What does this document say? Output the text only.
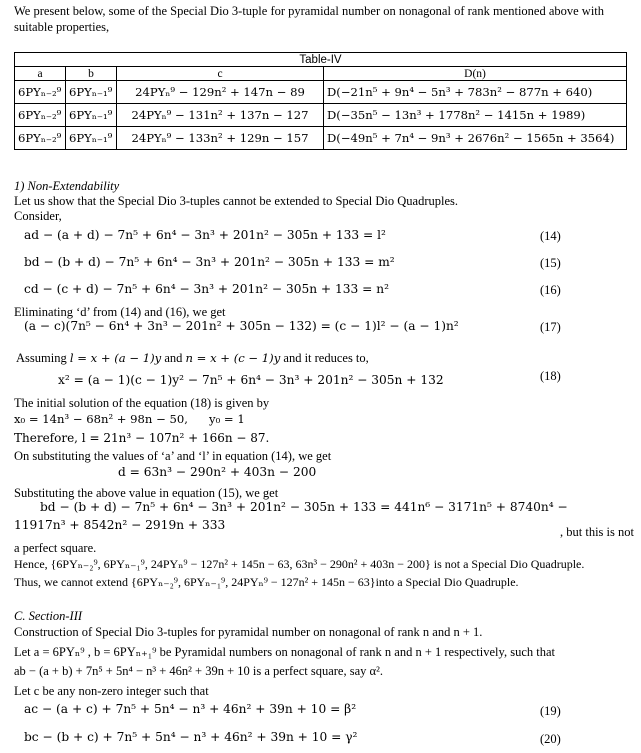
We present below, some of the Special Dio 3-tuple for pyramidal number on nonagonal of rank mentioned above with suitable properties,
Table-IV			
a	b	c	D(n)
6PYₙ₋₂⁹	6PYₙ₋₁⁹	24PYₙ⁹ − 129n² + 147n − 89	D(−21n⁵ + 9n⁴ − 5n³ + 783n² − 877n + 640)
6PYₙ₋₂⁹	6PYₙ₋₁⁹	24PYₙ⁹ − 131n² + 137n − 127	D(−35n⁵ − 13n³ + 1778n² − 1415n + 1989)
6PYₙ₋₂⁹	6PYₙ₋₁⁹	24PYₙ⁹ − 133n² + 129n − 157	D(−49n⁵ + 7n⁴ − 9n³ + 2676n² − 1565n + 3564)
1) Non-Extendability
Let us show that the Special Dio 3-tuples cannot be extended to Special Dio Quadruples.
Consider,
ad − (a + d) − 7n⁵ + 6n⁴ − 3n³ + 201n² − 305n + 133 = l²	(14)
bd − (b + d) − 7n⁵ + 6n⁴ − 3n³ + 201n² − 305n + 133 = m²	(15)
cd − (c + d) − 7n⁵ + 6n⁴ − 3n³ + 201n² − 305n + 133 = n²	(16)
Eliminating ‘d’ from (14) and (16), we get
(a − c)(7n⁵ − 6n⁴ + 3n³ − 201n² + 305n − 132) = (c − 1)l² − (a − 1)n²	(17)
Assuming l = x + (a − 1)y and n = x + (c − 1)y and it reduces to,
x² = (a − 1)(c − 1)y² − 7n⁵ + 6n⁴ − 3n³ + 201n² − 305n + 132	(18)
The initial solution of the equation (18) is given by
x₀ = 14n³ − 68n² + 98n − 50, y₀ = 1
Therefore, l = 21n³ − 107n² + 166n − 87.
On substituting the values of ‘a’ and ‘l’ in equation (14), we get
d = 63n³ − 290n² + 403n − 200
Substituting the above value in equation (15), we get
bd − (b + d) − 7n⁵ + 6n⁴ − 3n³ + 201n² − 305n + 133 = 441n⁶ − 3171n⁵ + 8740n⁴ −
11917n³ + 8542n² − 2919n + 333	, but this is not
a perfect square.
Hence, {6PYₙ₋₂⁹, 6PYₙ₋₁⁹, 24PYₙ⁹ − 127n² + 145n − 63, 63n³ − 290n² + 403n − 200} is not a Special Dio Quadruple.
Thus, we cannot extend {6PYₙ₋₂⁹, 6PYₙ₋₁⁹, 24PYₙ⁹ − 127n² + 145n − 63}into a Special Dio Quadruple.
C. Section-III
Construction of Special Dio 3-tuples for pyramidal number on nonagonal of rank n and n + 1.
Let a = 6PYₙ⁹ , b = 6PYₙ₊₁⁹ be Pyramidal numbers on nonagonal of rank n and n + 1 respectively, such that
ab − (a + b) + 7n⁵ + 5n⁴ − n³ + 46n² + 39n + 10 is a perfect square, say α².
Let c be any non-zero integer such that
ac − (a + c) + 7n⁵ + 5n⁴ − n³ + 46n² + 39n + 10 = β²	(19)
bc − (b + c) + 7n⁵ + 5n⁴ − n³ + 46n² + 39n + 10 = γ²	(20)
